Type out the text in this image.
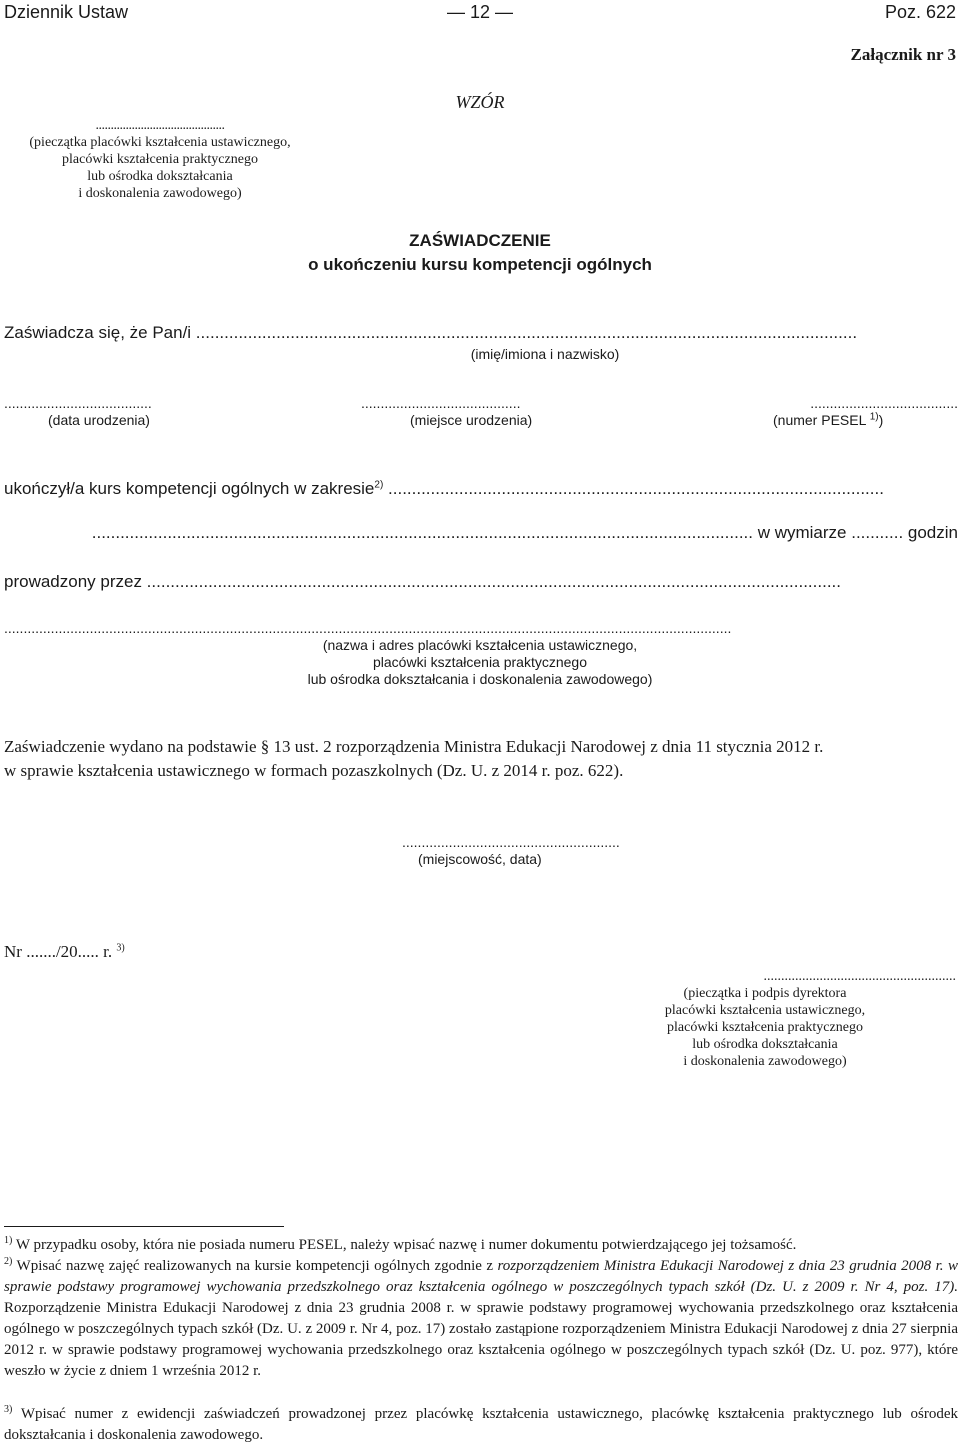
Dziennik Ustaw	— 12 —	Poz. 622
Załącznik nr 3
WZÓR
...........................................
(pieczątka placówki kształcenia ustawicznego,
placówki kształcenia praktycznego
lub ośrodka dokształcania
i doskonalenia zawodowego)
ZAŚWIADCZENIE
o ukończeniu kursu kompetencji ogólnych
Zaświadcza się, że Pan/i ............................................................................................................................................
(imię/imiona i nazwisko)
......................................	.........................................	......................................
(data urodzenia)	(miejsce urodzenia)	(numer PESEL $^{1)}$)
ukończył/a kurs kompetencji ogólnych w zakresie$^{2)}$ .........................................................................................................
............................................................................................................................................ w wymiarze ........... godzin
prowadzony przez ...................................................................................................................................................
...........................................................................................................................................................................................
(nazwa i adres placówki kształcenia ustawicznego,
placówki kształcenia praktycznego
lub ośrodka dokształcania i doskonalenia zawodowego)
Zaświadczenie wydano na podstawie § 13 ust. 2 rozporządzenia Ministra Edukacji Narodowej z dnia 11 stycznia 2012 r.
w sprawie kształcenia ustawicznego w formach pozaszkolnych (Dz. U. z 2014 r. poz. 622).
........................................................
(miejscowość, data)
Nr ......./20..... r. $^{3)}$
.......................................................
(pieczątka i podpis dyrektora
placówki kształcenia ustawicznego,
placówki kształcenia praktycznego
lub ośrodka dokształcania
i doskonalenia zawodowego)
$^{1)}$ W przypadku osoby, która nie posiada numeru PESEL, należy wpisać nazwę i numer dokumentu potwierdzającego jej tożsamość.
$^{2)}$ Wpisać nazwę zajęć realizowanych na kursie kompetencji ogólnych zgodnie z rozporządzeniem Ministra Edukacji Narodowej z dnia 23 grudnia 2008 r. w sprawie podstawy programowej wychowania przedszkolnego oraz kształcenia ogólnego w poszczególnych typach szkół (Dz. U. z 2009 r. Nr 4, poz. 17). Rozporządzenie Ministra Edukacji Narodowej z dnia 23 grudnia 2008 r. w sprawie podstawy programowej wychowania przedszkolnego oraz kształcenia ogólnego w poszczególnych typach szkół (Dz. U. z 2009 r. Nr 4, poz. 17) zostało zastąpione rozporządzeniem Ministra Edukacji Narodowej z dnia 27 sierpnia 2012 r. w sprawie podstawy programowej wychowania przedszkolnego oraz kształcenia ogólnego w poszczególnych typach szkół (Dz. U. poz. 977), które weszło w życie z dniem 1 września 2012 r.
$^{3)}$ Wpisać numer z ewidencji zaświadczeń prowadzonej przez placówkę kształcenia ustawicznego, placówkę kształcenia praktycznego lub ośrodek dokształcania i doskonalenia zawodowego.
